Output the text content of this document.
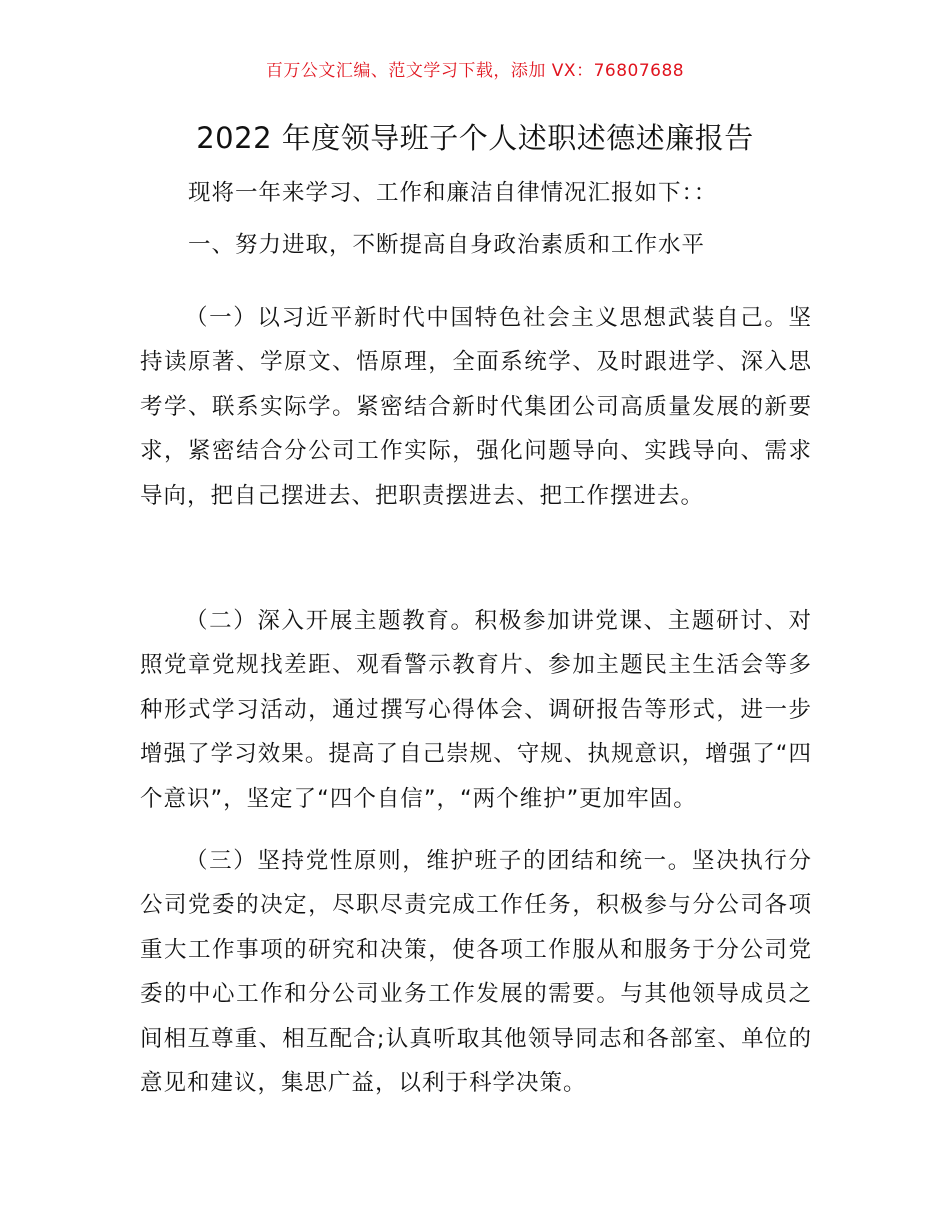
百万公文汇编、范文学习下载，添加 VX：76807688
2022 年度领导班子个人述职述德述廉报告
现将一年来学习、工作和廉洁自律情况汇报如下：：
一、努力进取，不断提高自身政治素质和工作水平

（一）以习近平新时代中国特色社会主义思想武装自己。坚持读原著、学原文、悟原理，全面系统学、及时跟进学、深入思考学、联系实际学。紧密结合新时代集团公司高质量发展的新要求，紧密结合分公司工作实际，强化问题导向、实践导向、需求导向，把自己摆进去、把职责摆进去、把工作摆进去。

（二）深入开展主题教育。积极参加讲党课、主题研讨、对照党章党规找差距、观看警示教育片、参加主题民主生活会等多种形式学习活动，通过撰写心得体会、调研报告等形式，进一步增强了学习效果。提高了自己崇规、守规、执规意识，增强了“四个意识”，坚定了“四个自信”，“两个维护”更加牢固。

（三）坚持党性原则，维护班子的团结和统一。坚决执行分公司党委的决定，尽职尽责完成工作任务，积极参与分公司各项重大工作事项的研究和决策，使各项工作服从和服务于分公司党委的中心工作和分公司业务工作发展的需要。与其他领导成员之间相互尊重、相互配合;认真听取其他领导同志和各部室、单位的意见和建议，集思广益，以利于科学决策。
